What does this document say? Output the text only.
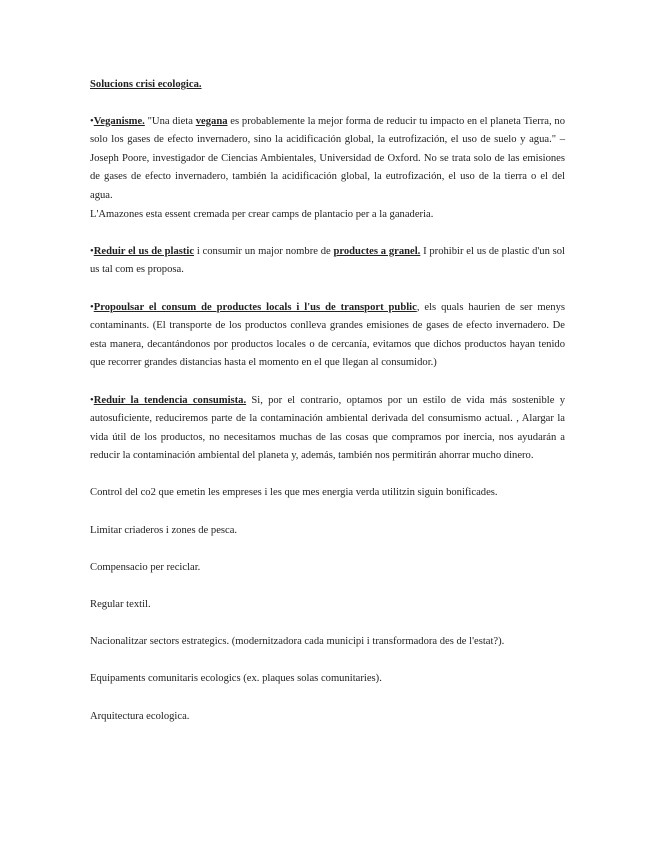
Solucions crisi ecologica.

•Veganisme. "Una dieta vegana es probablemente la mejor forma de reducir tu impacto en el planeta Tierra, no solo los gases de efecto invernadero, sino la acidificación global, la eutrofización, el uso de suelo y agua." – Joseph Poore, investigador de Ciencias Ambientales, Universidad de Oxford. No se trata solo de las emisiones de gases de efecto invernadero, también la acidificación global, la eutrofización, el uso de la tierra o el del agua.
L'Amazones esta essent cremada per crear camps de plantacio per a la ganaderia.

•Reduir el us de plastic i consumir un major nombre de productes a granel. I prohibir el us de plastic d'un sol us tal com es proposa.

•Propoulsar el consum de productes locals i l'us de transport public, els quals haurien de ser menys contaminants. (El transporte de los productos conlleva grandes emisiones de gases de efecto invernadero. De esta manera, decantándonos por productos locales o de cercanía, evitamos que dichos productos hayan tenido que recorrer grandes distancias hasta el momento en el que llegan al consumidor.)

•Reduir la tendencia consumista. Si, por el contrario, optamos por un estilo de vida más sostenible y autosuficiente, reduciremos parte de la contaminación ambiental derivada del consumismo actual. , Alargar la vida útil de los productos, no necesitamos muchas de las cosas que compramos por inercia, nos ayudarán a reducir la contaminación ambiental del planeta y, además, también nos permitirán ahorrar mucho dinero.

Control del co2 que emetin les empreses i les que mes energia verda utilitzin siguin bonificades.

Limitar criaderos i zones de pesca.

Compensacio per reciclar.

Regular textil.

Nacionalitzar sectors estrategics. (modernitzadora cada municipi i transformadora des de l'estat?).

Equipaments comunitaris ecologics (ex. plaques solas comunitaries).

Arquitectura ecologica.
